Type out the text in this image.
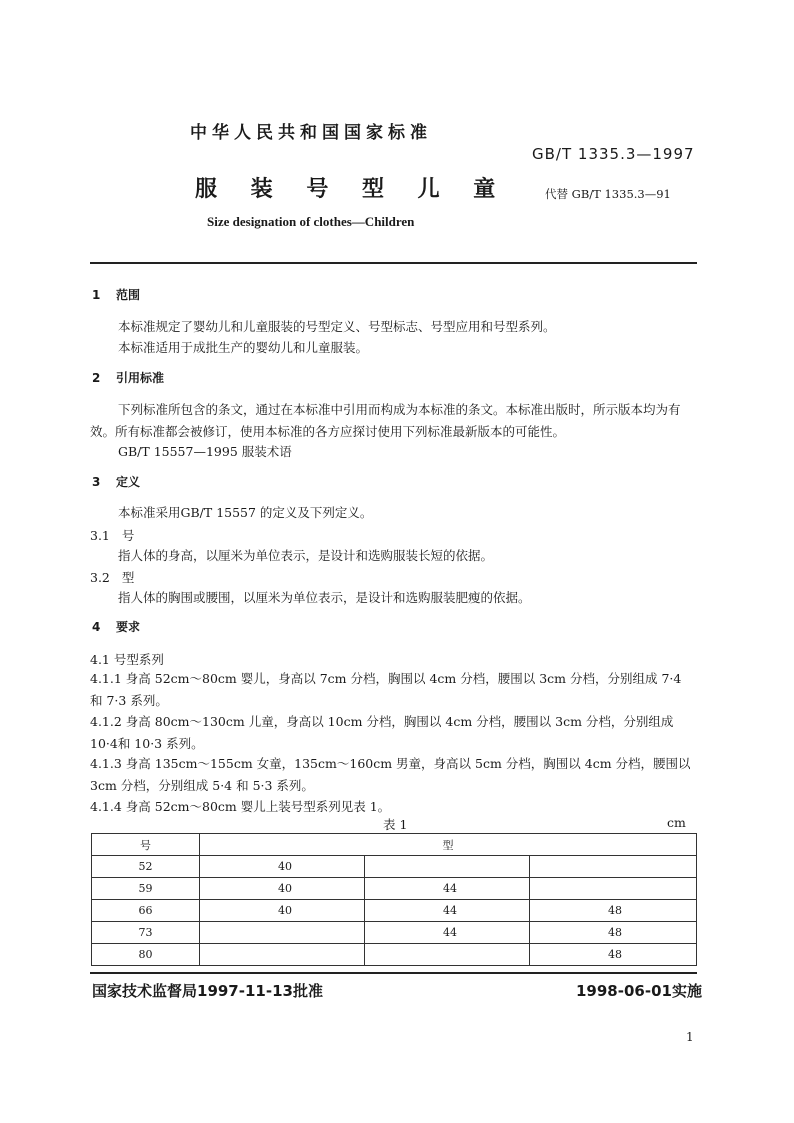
中华人民共和国国家标准
GB/T 1335.3—1997
服 装 号 型 儿 童	代替 GB/T 1335.3—91
Size designation of clothes—Children
1 范围
本标准规定了婴幼儿和儿童服装的号型定义、号型标志、号型应用和号型系列。
本标准适用于成批生产的婴幼儿和儿童服装。
2 引用标准
下列标准所包含的条文，通过在本标准中引用而构成为本标准的条文。本标准出版时，所示版本均为有效。所有标准都会被修订，使用本标准的各方应探讨使用下列标准最新版本的可能性。
GB/T 15557—1995 服装术语
3 定义
本标准采用GB/T 15557 的定义及下列定义。
3.1 号
指人体的身高，以厘米为单位表示，是设计和选购服装长短的依据。
3.2 型
指人体的胸围或腰围，以厘米为单位表示，是设计和选购服装肥瘦的依据。
4 要求
4.1 号型系列
4.1.1 身高 52cm～80cm 婴儿，身高以 7cm 分档，胸围以 4cm 分档，腰围以 3cm 分档，分别组成 7·4 和 7·3 系列。
4.1.2 身高 80cm～130cm 儿童，身高以 10cm 分档，胸围以 4cm 分档，腰围以 3cm 分档，分别组成 10·4和 10·3 系列。
4.1.3 身高 135cm～155cm 女童，135cm～160cm 男童，身高以 5cm 分档，胸围以 4cm 分档，腰围以 3cm 分档，分别组成 5·4 和 5·3 系列。
4.1.4 身高 52cm～80cm 婴儿上装号型系列见表 1。
表 1	cm
号	型		
52	40		
59	40	44	
66	40	44	48
73		44	48
80			48
国家技术监督局1997-11-13批准	1998-06-01实施
1
